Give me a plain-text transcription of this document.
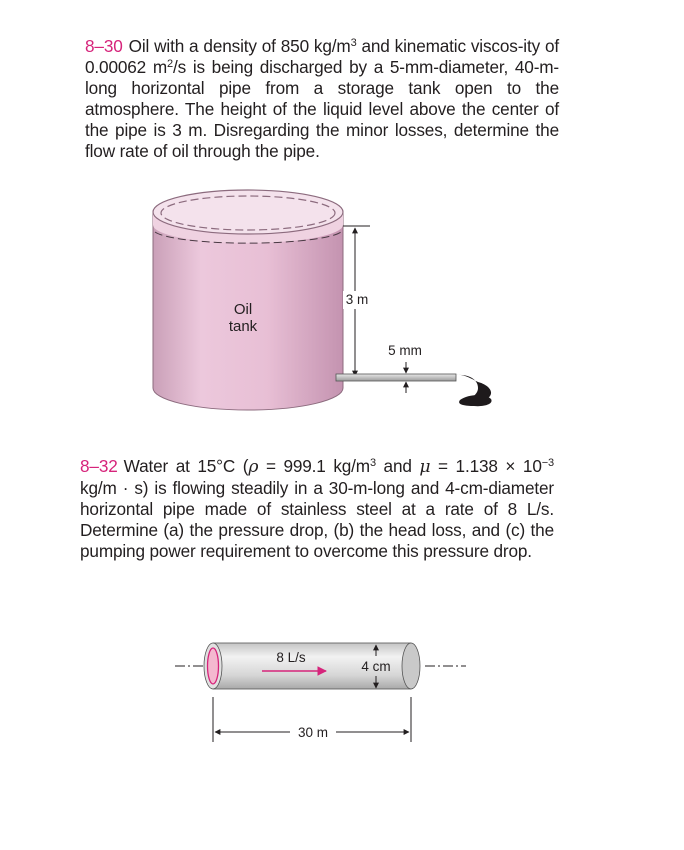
8–30 Oil with a density of 850 $kg/m^3$ and kinematic viscos-ity of 0.00062 $m^2/s$ is being discharged by a 5-mm-diameter, 40-m-long horizontal pipe from a storage tank open to the atmosphere. The height of the liquid level above the center of the pipe is 3 m. Disregarding the minor losses, determine the flow rate of oil through the pipe.
8–32 Water at 15°C (ρ = 999.1 $kg/m^3$ and $\mu = 1.138 \times 10^{-3}$ kg/m · s) is flowing steadily in a 30-m-long and 4-cm-diameter horizontal pipe made of stainless steel at a rate of 8 L/s. Determine (a) the pressure drop, (b) the head loss, and (c) the pumping power requirement to overcome this pressure drop.
Oil
tank
3 m
5 mm
8 L/s
4 cm
30 m
